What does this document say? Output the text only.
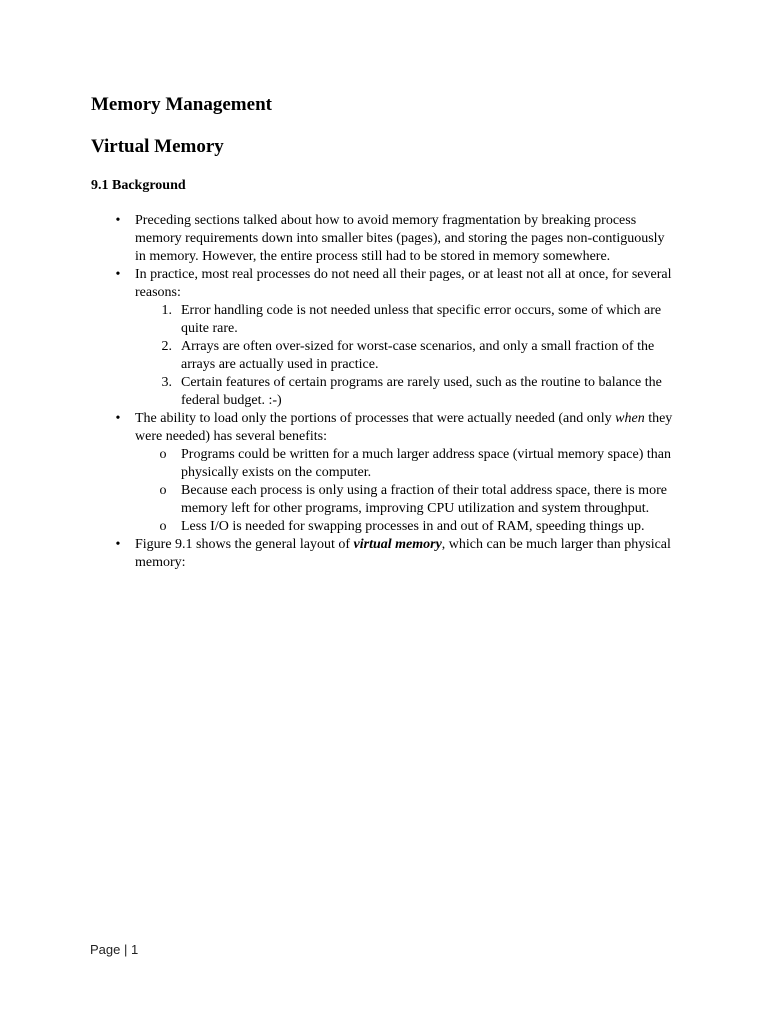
Memory Management
Virtual Memory
9.1 Background
• Preceding sections talked about how to avoid memory fragmentation by breaking process memory requirements down into smaller bites (pages), and storing the pages non-contiguously in memory. However, the entire process still had to be stored in memory somewhere.
• In practice, most real processes do not need all their pages, or at least not all at once, for several reasons:
1. Error handling code is not needed unless that specific error occurs, some of which are quite rare.
2. Arrays are often over-sized for worst-case scenarios, and only a small fraction of the arrays are actually used in practice.
3. Certain features of certain programs are rarely used, such as the routine to balance the federal budget. :-)
• The ability to load only the portions of processes that were actually needed (and only when they were needed) has several benefits:
o Programs could be written for a much larger address space (virtual memory space) than physically exists on the computer.
o Because each process is only using a fraction of their total address space, there is more memory left for other programs, improving CPU utilization and system throughput.
o Less I/O is needed for swapping processes in and out of RAM, speeding things up.
• Figure 9.1 shows the general layout of virtual memory, which can be much larger than physical memory:
Page | 1
